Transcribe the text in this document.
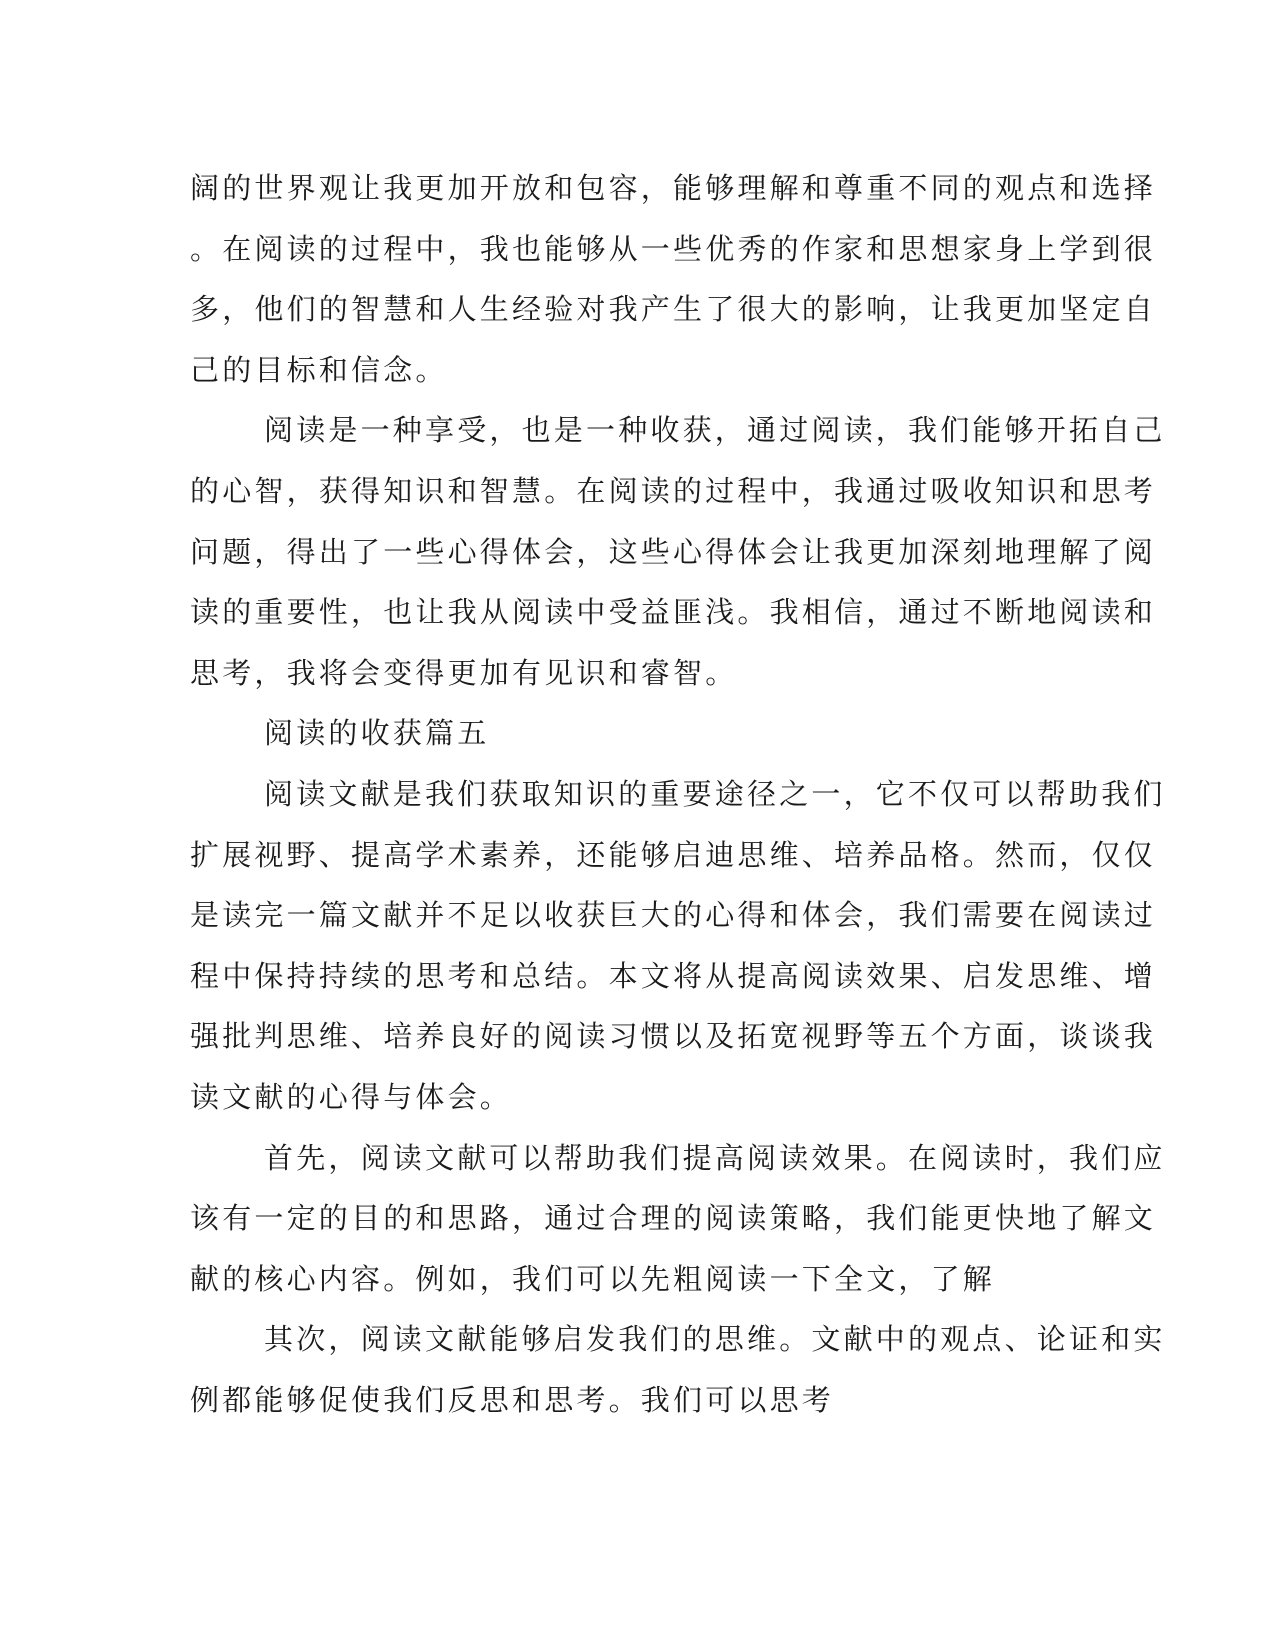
阔的世界观让我更加开放和包容，能够理解和尊重不同的观点和选择

。在阅读的过程中，我也能够从一些优秀的作家和思想家身上学到很

多，他们的智慧和人生经验对我产生了很大的影响，让我更加坚定自

己的目标和信念。

阅读是一种享受，也是一种收获，通过阅读，我们能够开拓自己

的心智，获得知识和智慧。在阅读的过程中，我通过吸收知识和思考

问题，得出了一些心得体会，这些心得体会让我更加深刻地理解了阅

读的重要性，也让我从阅读中受益匪浅。我相信，通过不断地阅读和

思考，我将会变得更加有见识和睿智。

阅读的收获篇五

阅读文献是我们获取知识的重要途径之一，它不仅可以帮助我们

扩展视野、提高学术素养，还能够启迪思维、培养品格。然而，仅仅

是读完一篇文献并不足以收获巨大的心得和体会，我们需要在阅读过

程中保持持续的思考和总结。本文将从提高阅读效果、启发思维、增

强批判思维、培养良好的阅读习惯以及拓宽视野等五个方面，谈谈我

读文献的心得与体会。

首先，阅读文献可以帮助我们提高阅读效果。在阅读时，我们应

该有一定的目的和思路，通过合理的阅读策略，我们能更快地了解文

献的核心内容。例如，我们可以先粗阅读一下全文，了解

其次，阅读文献能够启发我们的思维。文献中的观点、论证和实

例都能够促使我们反思和思考。我们可以思考
